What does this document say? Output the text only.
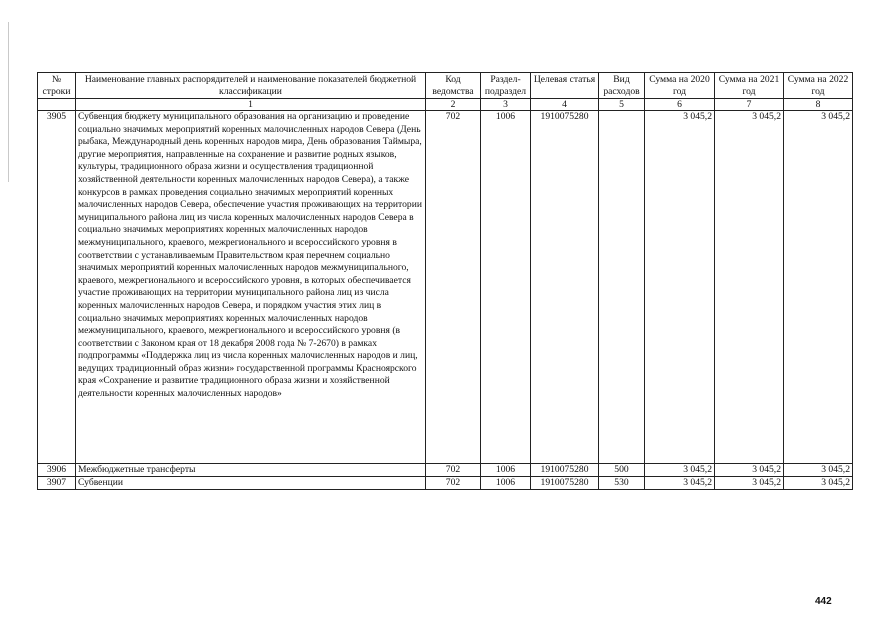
№ строки	Наименование главных распорядителей и наименование показателей бюджетной классификации	Код ведомства	Раздел-подраздел	Целевая статья	Вид расходов	Сумма на 2020 год	Сумма на 2021 год	Сумма на 2022 год
	1	2	3	4	5	6	7	8
3905	Субвенция бюджету муниципального образования на организацию и проведение социально значимых мероприятий коренных малочисленных народов Севера (День рыбака, Международный день коренных народов мира, День образования Таймыра, другие мероприятия, направленные на сохранение и развитие родных языков, культуры, традиционного образа жизни и осуществления традиционной хозяйственной деятельности коренных малочисленных народов Севера), а также конкурсов в рамках проведения социально значимых мероприятий коренных малочисленных народов Севера, обеспечение участия проживающих на территории муниципального района лиц из числа коренных малочисленных народов Севера в социально значимых мероприятиях коренных малочисленных народов межмуниципального, краевого, межрегионального и всероссийского уровня в соответствии с устанавливаемым Правительством края перечнем социально значимых мероприятий коренных малочисленных народов межмуниципального, краевого, межрегионального и всероссийского уровня, в которых обеспечивается участие проживающих на территории муниципального района лиц из числа коренных малочисленных народов Севера, и порядком участия этих лиц в социально значимых мероприятиях коренных малочисленных народов межмуниципального, краевого, межрегионального и всероссийского уровня (в соответствии с Законом края от 18 декабря 2008 года № 7-2670) в рамках подпрограммы «Поддержка лиц из числа коренных малочисленных народов и лиц, ведущих традиционный образ жизни» государственной программы Красноярского края «Сохранение и развитие традиционного образа жизни и хозяйственной деятельности коренных малочисленных народов»	702	1006	1910075280		3 045,2	3 045,2	3 045,2
3906	Межбюджетные трансферты	702	1006	1910075280	500	3 045,2	3 045,2	3 045,2
3907	Субвенции	702	1006	1910075280	530	3 045,2	3 045,2	3 045,2
442
